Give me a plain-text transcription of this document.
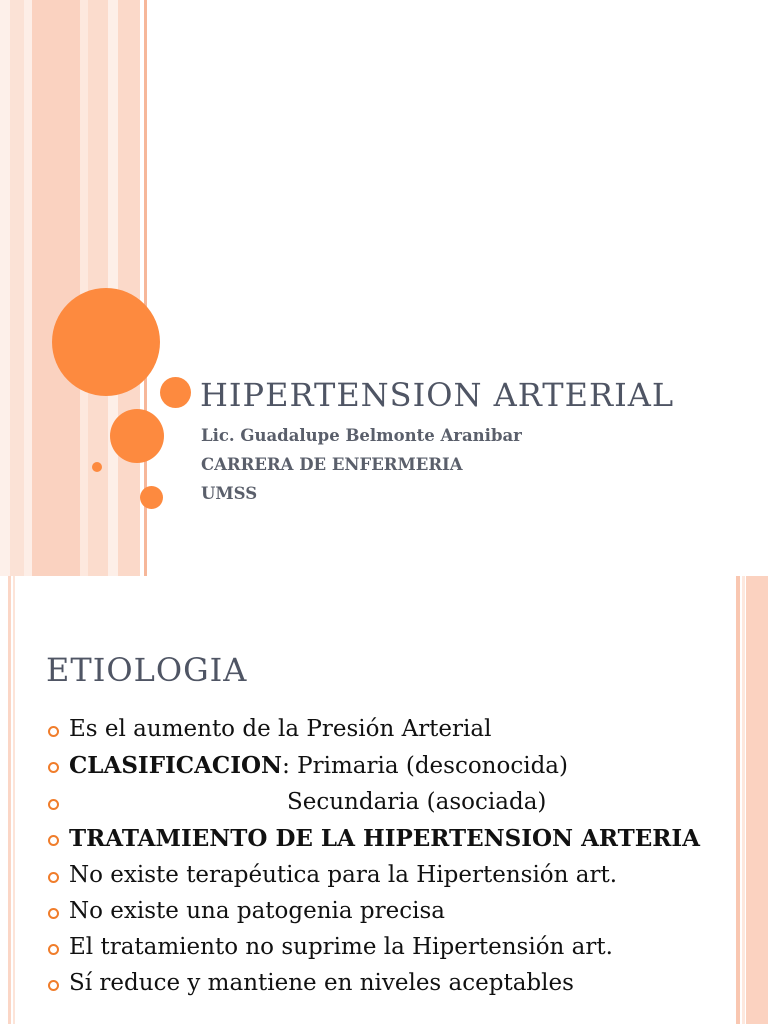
HIPERTENSION ARTERIAL
Lic. Guadalupe Belmonte Aranibar
CARRERA DE ENFERMERIA
UMSS
ETIOLOGIA
Es el aumento de la Presión Arterial
CLASIFICACION: Primaria (desconocida)
Secundaria (asociada)
TRATAMIENTO DE LA HIPERTENSION ARTERIA
No existe terapéutica para la Hipertensión art.
No existe una patogenia precisa
El tratamiento no suprime la Hipertensión art.
Sí reduce y mantiene en niveles aceptables
